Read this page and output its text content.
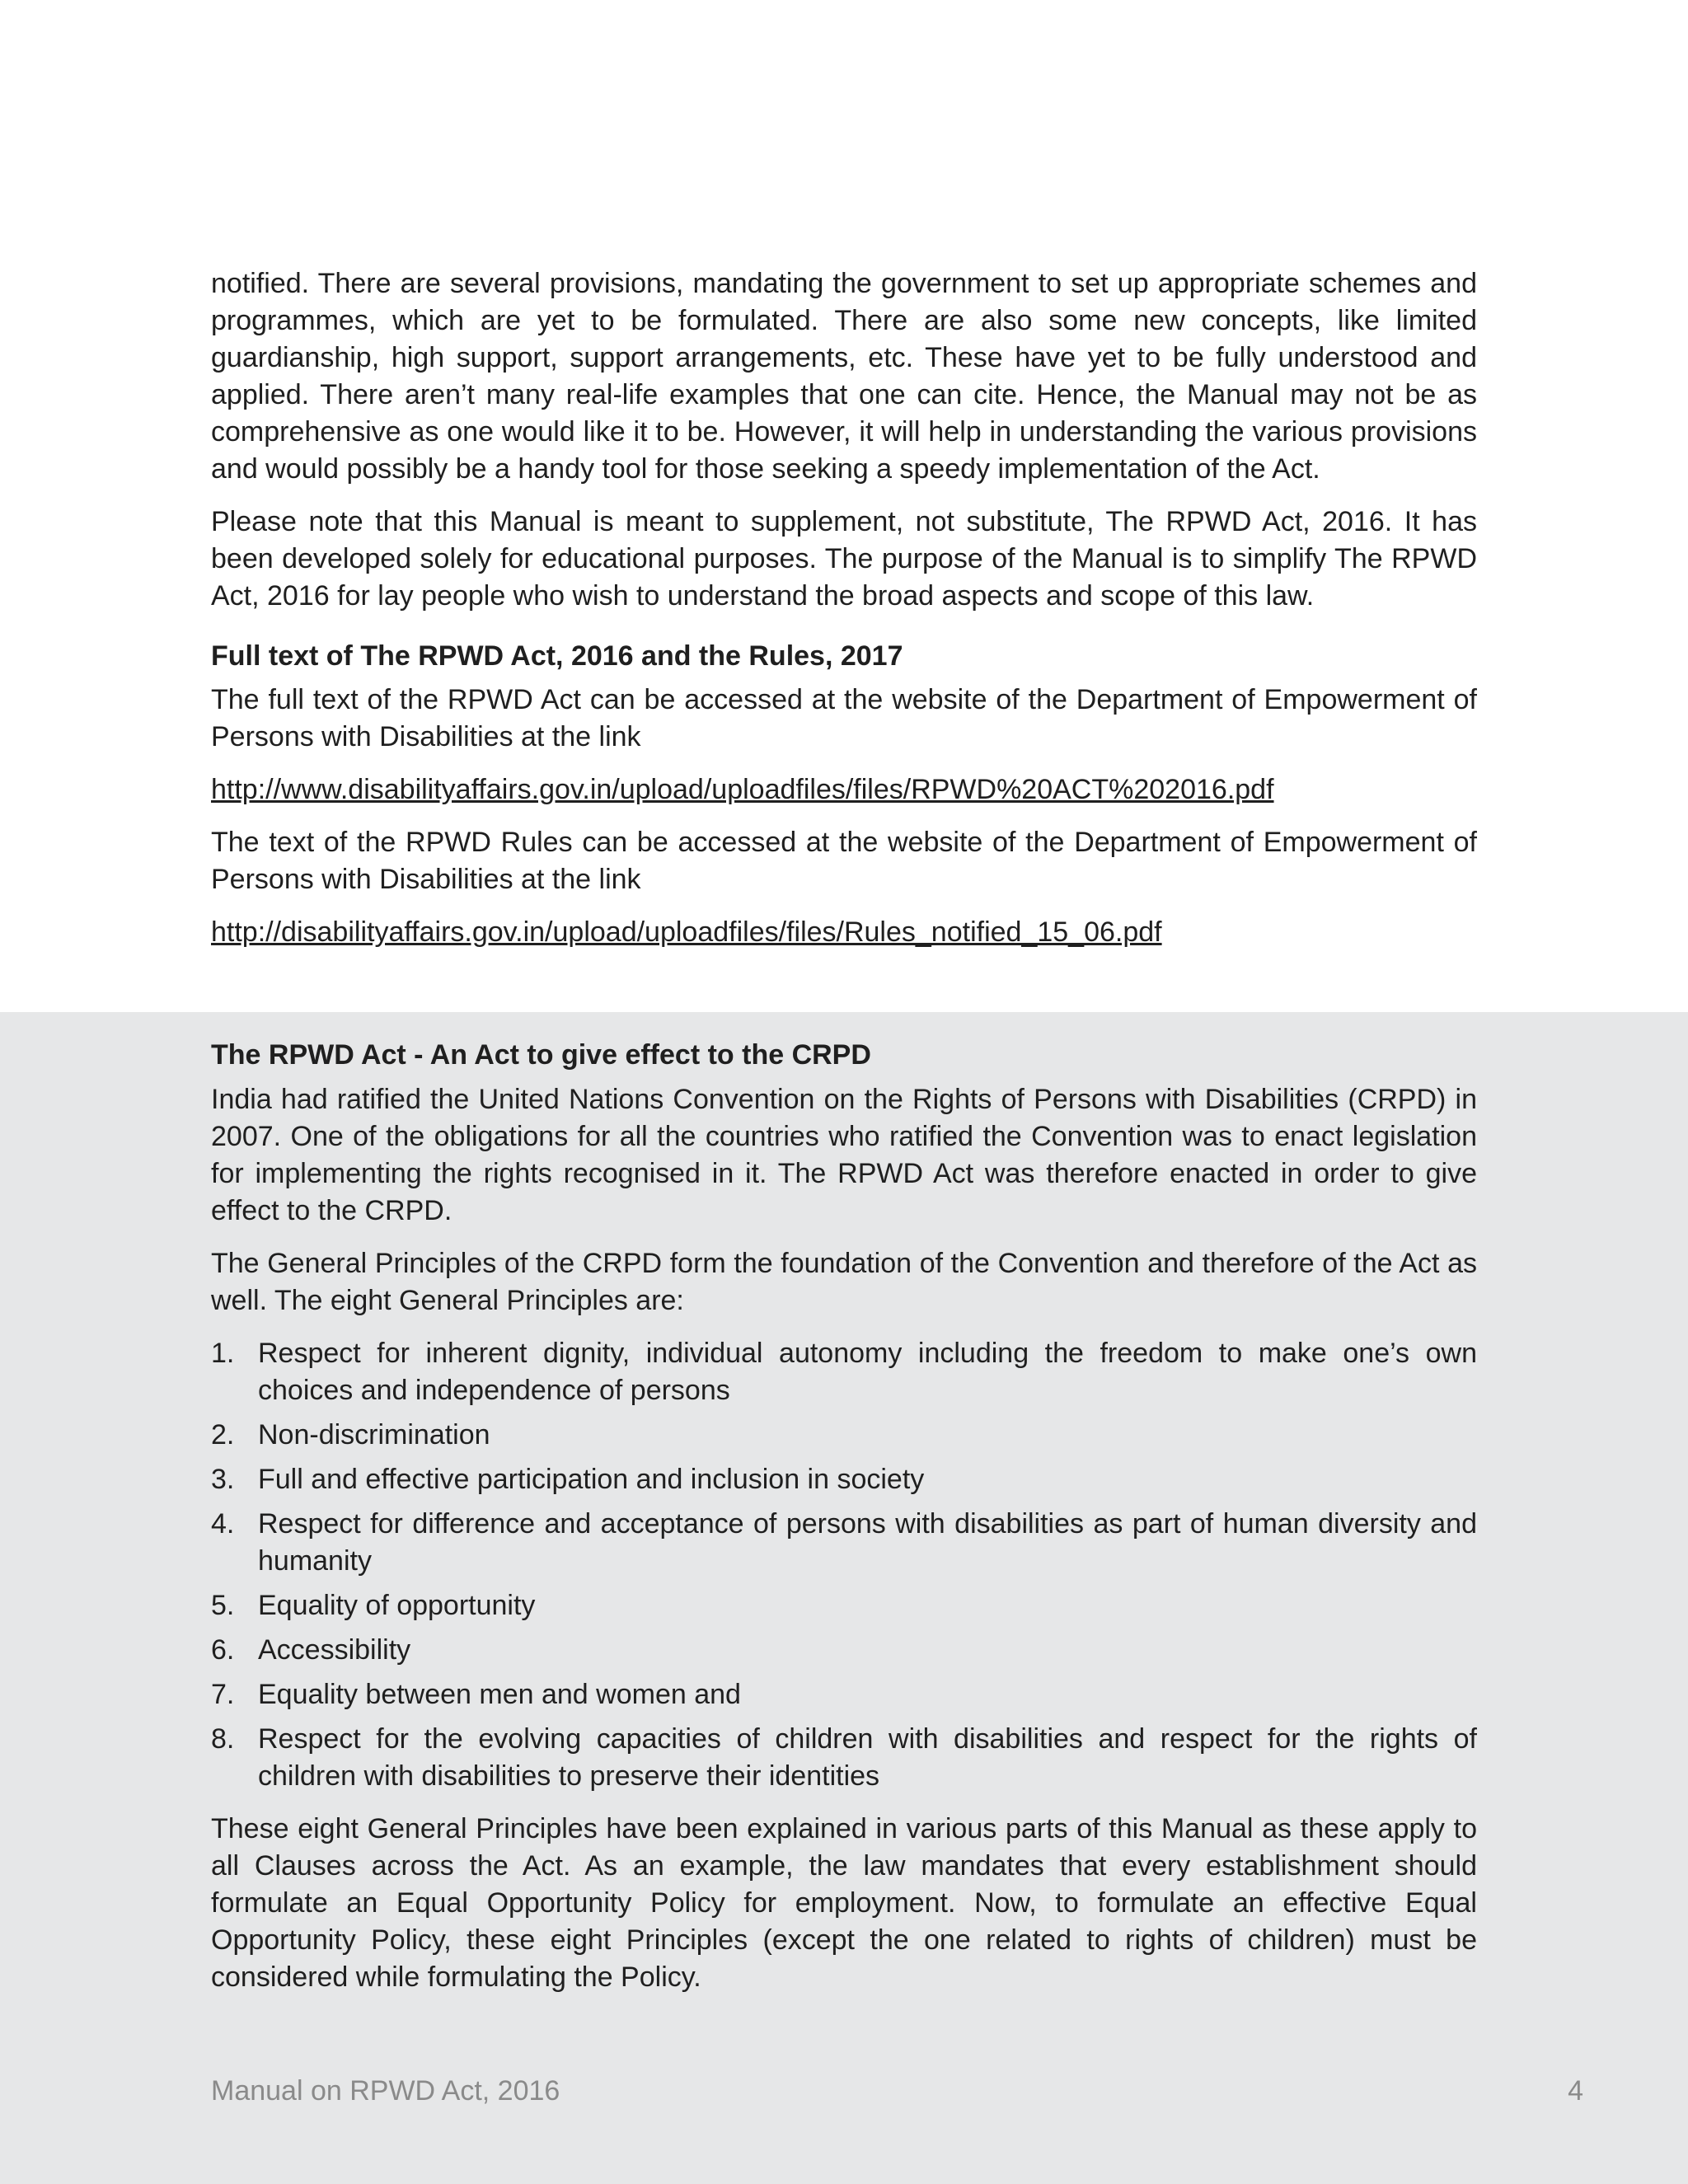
notified. There are several provisions, mandating the government to set up appropriate schemes and programmes, which are yet to be formulated. There are also some new concepts, like limited guardianship, high support, support arrangements, etc. These have yet to be fully understood and applied. There aren’t many real-life examples that one can cite. Hence, the Manual may not be as comprehensive as one would like it to be. However, it will help in understanding the various provisions and would possibly be a handy tool for those seeking a speedy implementation of the Act.

Please note that this Manual is meant to supplement, not substitute, The RPWD Act, 2016. It has been developed solely for educational purposes. The purpose of the Manual is to simplify The RPWD Act, 2016 for lay people who wish to understand the broad aspects and scope of this law.

Full text of The RPWD Act, 2016 and the Rules, 2017

The full text of the RPWD Act can be accessed at the website of the Department of Empowerment of Persons with Disabilities at the link

http://www.disabilityaffairs.gov.in/upload/uploadfiles/files/RPWD%20ACT%202016.pdf

The text of the RPWD Rules can be accessed at the website of the Department of Empowerment of Persons with Disabilities at the link

http://disabilityaffairs.gov.in/upload/uploadfiles/files/Rules_notified_15_06.pdf

The RPWD Act - An Act to give effect to the CRPD

India had ratified the United Nations Convention on the Rights of Persons with Disabilities (CRPD) in 2007. One of the obligations for all the countries who ratified the Convention was to enact legislation for implementing the rights recognised in it. The RPWD Act was therefore enacted in order to give effect to the CRPD.

The General Principles of the CRPD form the foundation of the Convention and therefore of the Act as well. The eight General Principles are:

1. Respect for inherent dignity, individual autonomy including the freedom to make one’s own choices and independence of persons
2. Non-discrimination
3. Full and effective participation and inclusion in society
4. Respect for difference and acceptance of persons with disabilities as part of human diversity and humanity
5. Equality of opportunity
6. Accessibility
7. Equality between men and women and
8. Respect for the evolving capacities of children with disabilities and respect for the rights of children with disabilities to preserve their identities

These eight General Principles have been explained in various parts of this Manual as these apply to all Clauses across the Act. As an example, the law mandates that every establishment should formulate an Equal Opportunity Policy for employment. Now, to formulate an effective Equal Opportunity Policy, these eight Principles (except the one related to rights of children) must be considered while formulating the Policy.

Manual on RPWD Act, 2016	4
